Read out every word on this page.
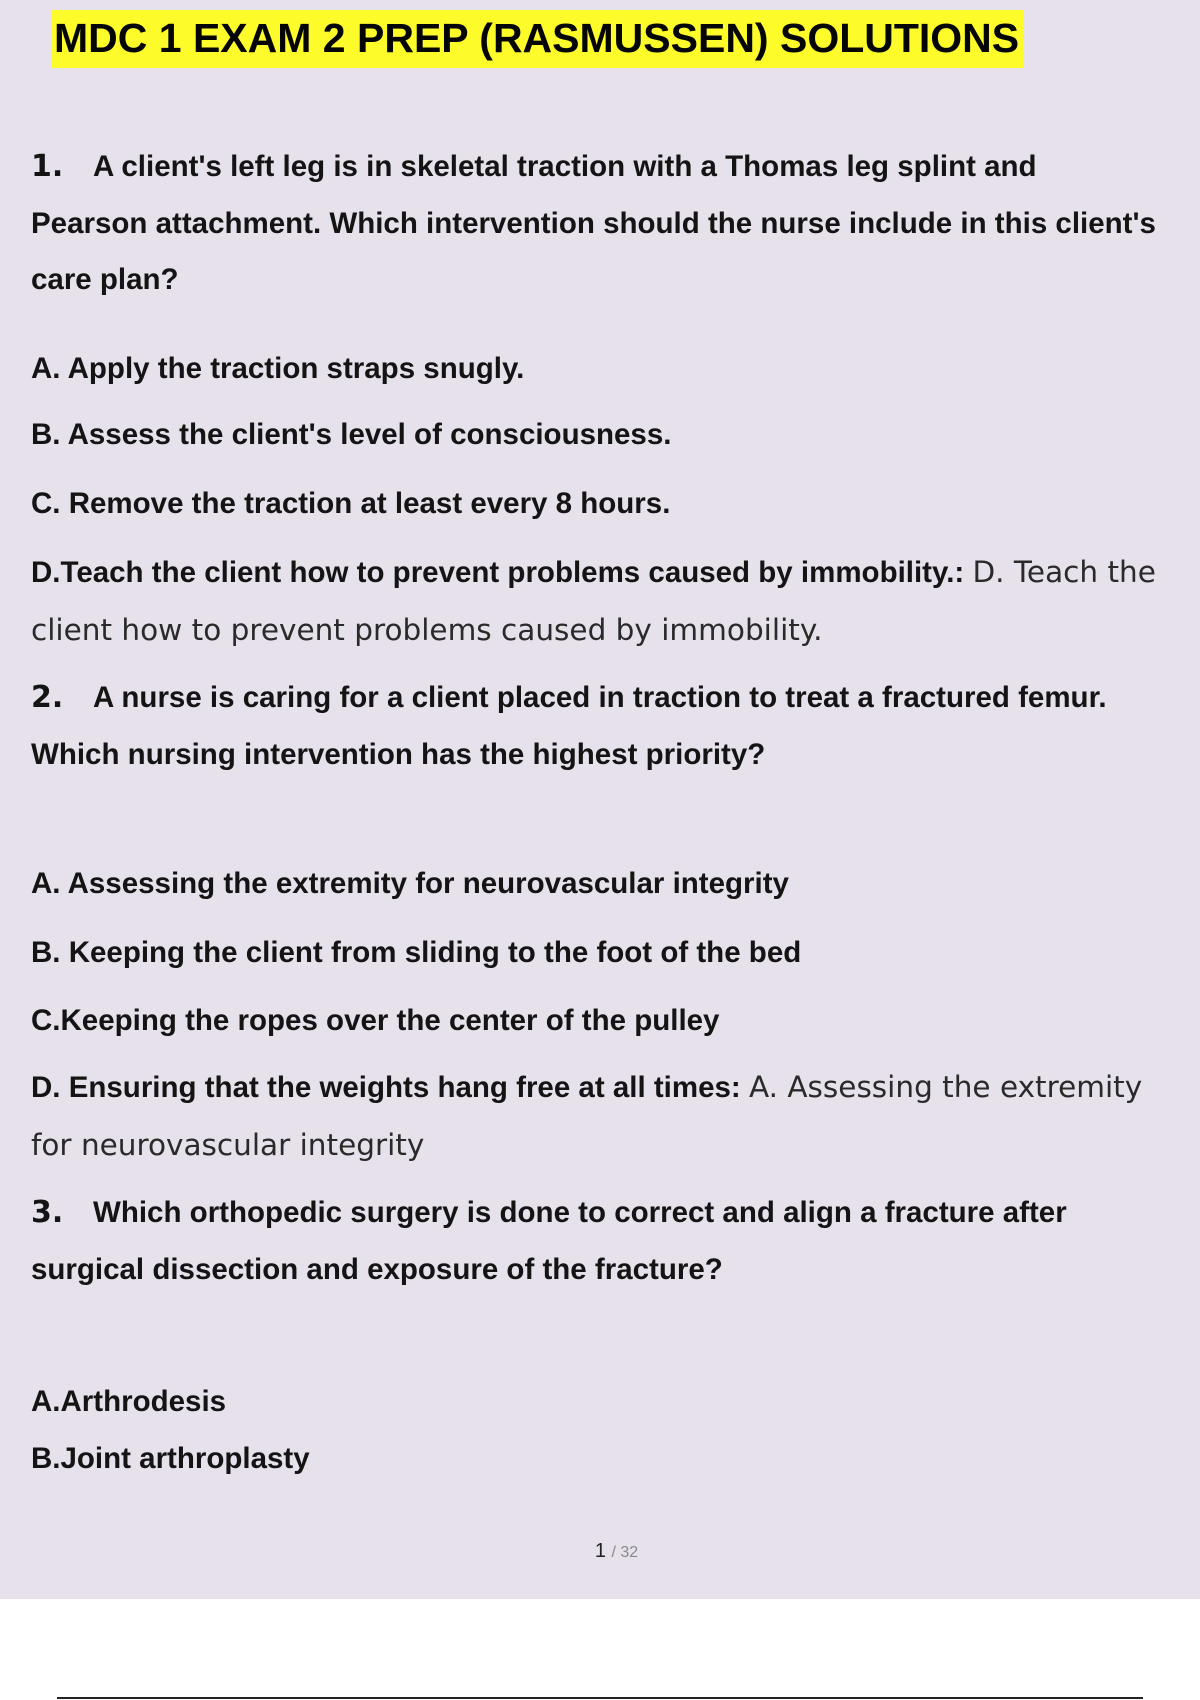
MDC 1 EXAM 2 PREP (RASMUSSEN) SOLUTIONS

1. A client's left leg is in skeletal traction with a Thomas leg splint and Pearson attachment. Which intervention should the nurse include in this client's care plan?

A. Apply the traction straps snugly.

B. Assess the client's level of consciousness.

C. Remove the traction at least every 8 hours.

D.Teach the client how to prevent problems caused by immobility.: D. Teach the client how to prevent problems caused by immobility.

2. A nurse is caring for a client placed in traction to treat a fractured femur. Which nursing intervention has the highest priority?

A. Assessing the extremity for neurovascular integrity

B. Keeping the client from sliding to the foot of the bed

C.Keeping the ropes over the center of the pulley

D. Ensuring that the weights hang free at all times: A. Assessing the extremity for neurovascular integrity

3. Which orthopedic surgery is done to correct and align a fracture after surgical dissection and exposure of the fracture?

A.Arthrodesis

B.Joint arthroplasty

1 / 32
